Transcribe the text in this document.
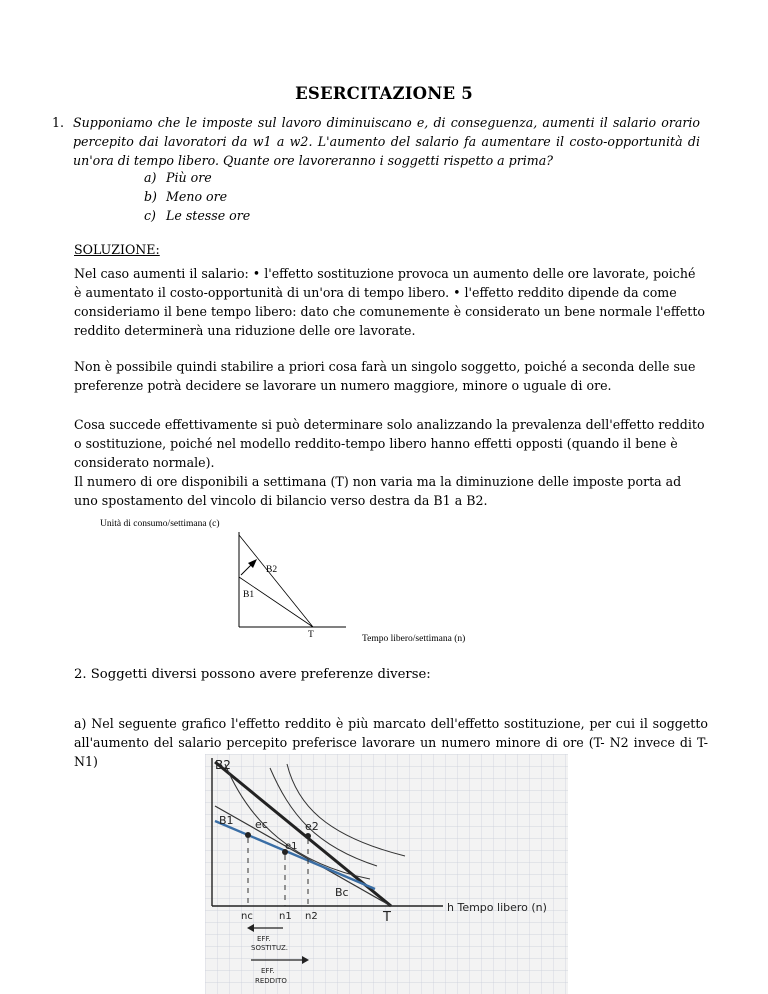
ESERCITAZIONE 5
1. Supponiamo che le imposte sul lavoro diminuiscano e, di conseguenza, aumenti il salario orario percepito dai lavoratori da w1 a w2. L'aumento del salario fa aumentare il costo-opportunità di un'ora di tempo libero. Quante ore lavoreranno i soggetti rispetto a prima?
a) Più ore
b) Meno ore
c) Le stesse ore
SOLUZIONE:
Nel caso aumenti il salario: • l'effetto sostituzione provoca un aumento delle ore lavorate, poiché è aumentato il costo-opportunità di un'ora di tempo libero. • l'effetto reddito dipende da come consideriamo il bene tempo libero: dato che comunemente è considerato un bene normale l'effetto reddito determinerà una riduzione delle ore lavorate.
Non è possibile quindi stabilire a priori cosa farà un singolo soggetto, poiché a seconda delle sue preferenze potrà decidere se lavorare un numero maggiore, minore o uguale di ore.
Cosa succede effettivamente si può determinare solo analizzando la prevalenza dell'effetto reddito o sostituzione, poiché nel modello reddito-tempo libero hanno effetti opposti (quando il bene è considerato normale).
Il numero di ore disponibili a settimana (T) non varia ma la diminuzione delle imposte porta ad uno spostamento del vincolo di bilancio verso destra da B1 a B2.
Unità di consumo/settimana (c)
B2
B1
T	Tempo libero/settimana (n)
2. Soggetti diversi possono avere preferenze diverse:
a) Nel seguente grafico l'effetto reddito è più marcato dell'effetto sostituzione, per cui il soggetto all'aumento del salario percepito preferisce lavorare un numero minore di ore (T- N2 invece di T-N1)	B2
B1 ec
e1
e2
Bc
nc	n1 n2	T
h Tempo libero (n)
EFF.
SOSTITUZ.
EFF.
REDDITO
